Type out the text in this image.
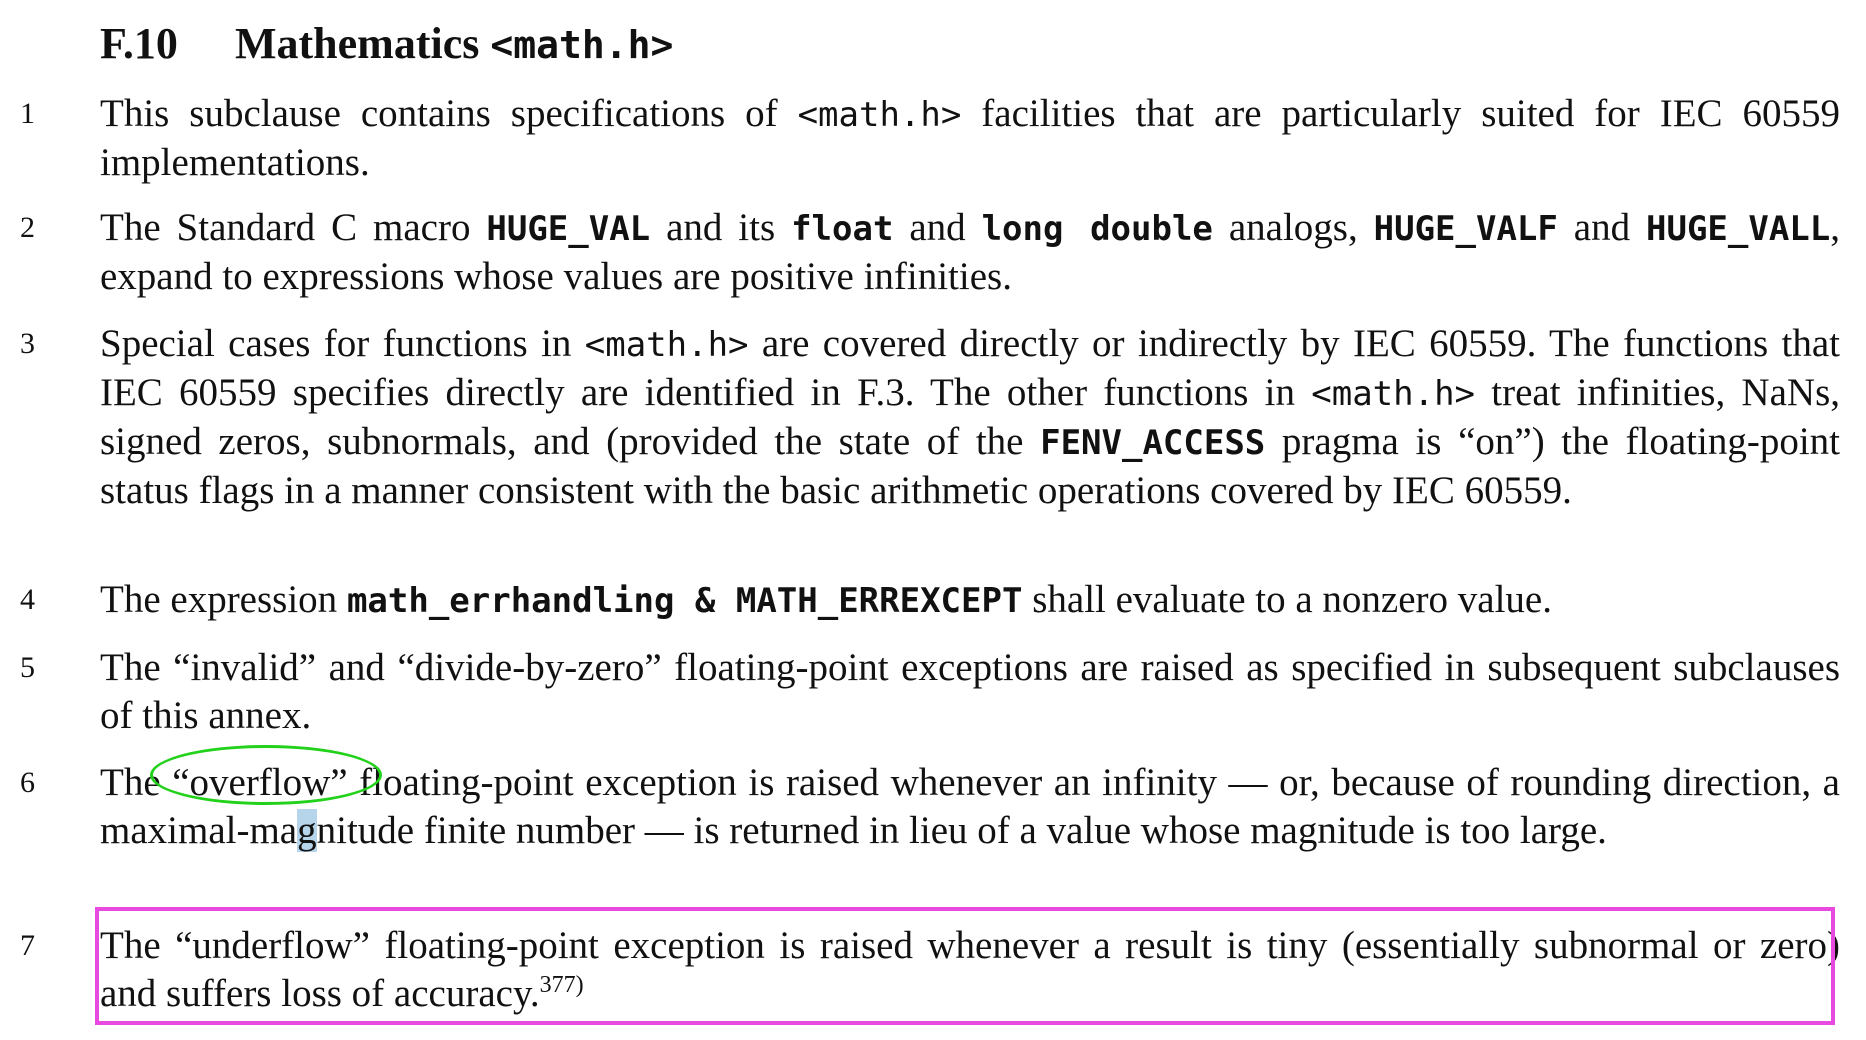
F.10 Mathematics <math.h>
1	This subclause contains specifications of <math.h> facilities that are particularly suited for IEC 60559 implementations.
2	The Standard C macro HUGE_VAL and its float and long double analogs, HUGE_VALF and HUGE_VALL, expand to expressions whose values are positive infinities.
3	Special cases for functions in <math.h> are covered directly or indirectly by IEC 60559. The functions that IEC 60559 specifies directly are identified in F.3. The other functions in <math.h> treat infinities, NaNs, signed zeros, subnormals, and (provided the state of the FENV_ACCESS pragma is “on”) the floating-point status flags in a manner consistent with the basic arithmetic operations covered by IEC 60559.
4	The expression math_errhandling & MATH_ERREXCEPT shall evaluate to a nonzero value.
5	The “invalid” and “divide-by-zero” floating-point exceptions are raised as specified in subsequent subclauses of this annex.
6	The “overflow” floating-point exception is raised whenever an infinity — or, because of rounding direction, a maximal-magnitude finite number — is returned in lieu of a value whose magnitude is too large.
7	The “underflow” floating-point exception is raised whenever a result is tiny (essentially subnormal or zero) and suffers loss of accuracy.$^{377)}$
